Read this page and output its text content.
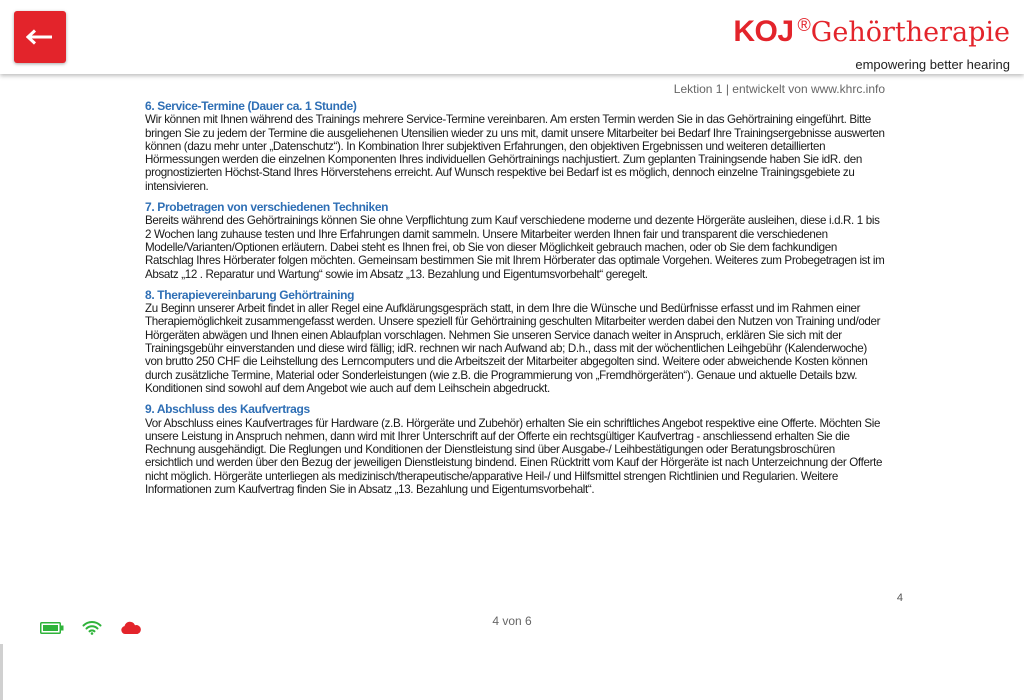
KOJ ®Gehörtherapie
empowering better hearing
Lektion 1 | entwickelt von www.khrc.info

6. Service-Termine (Dauer ca. 1 Stunde)

Wir können mit Ihnen während des Trainings mehrere Service-Termine vereinbaren. Am ersten Termin werden Sie in das Gehörtraining eingeführt. Bitte bringen Sie zu jedem der Termine die ausgeliehenen Utensilien wieder zu uns mit, damit unsere Mitarbeiter bei Bedarf Ihre Trainingsergebnisse auswerten können (dazu mehr unter „Datenschutz“). In Kombination Ihrer subjektiven Erfahrungen, den objektiven Ergebnissen und weiteren detaillierten Hörmessungen werden die einzelnen Komponenten Ihres individuellen Gehörtrainings nachjustiert. Zum geplanten Trainingsende haben Sie idR. den prognostizierten Höchst-Stand Ihres Hörverstehens erreicht. Auf Wunsch respektive bei Bedarf ist es möglich, dennoch einzelne Trainingsgebiete zu intensivieren.

7. Probetragen von verschiedenen Techniken

Bereits während des Gehörtrainings können Sie ohne Verpflichtung zum Kauf verschiedene moderne und dezente Hörgeräte ausleihen, diese i.d.R. 1 bis 2 Wochen lang zuhause testen und Ihre Erfahrungen damit sammeln. Unsere Mitarbeiter werden Ihnen fair und transparent die verschiedenen Modelle/Varianten/Optionen erläutern. Dabei steht es Ihnen frei, ob Sie von dieser Möglichkeit gebrauch machen, oder ob Sie dem fachkundigen Ratschlag Ihres Hörberater folgen möchten. Gemeinsam bestimmen Sie mit Ihrem Hörberater das optimale Vorgehen. Weiteres zum Probegetragen ist im Absatz „12 . Reparatur und Wartung“ sowie im Absatz „13. Bezahlung und Eigentumsvorbehalt“ geregelt.

8. Therapievereinbarung Gehörtraining

Zu Beginn unserer Arbeit findet in aller Regel eine Aufklärungsgespräch statt, in dem Ihre die Wünsche und Bedürfnisse erfasst und im Rahmen einer Therapiemöglichkeit zusammengefasst werden. Unsere speziell für Gehörtraining geschulten Mitarbeiter werden dabei den Nutzen von Training und/oder Hörgeräten abwägen und Ihnen einen Ablaufplan vorschlagen. Nehmen Sie unseren Service danach weiter in Anspruch, erklären Sie sich mit der Trainingsgebühr einverstanden und diese wird fällig; idR. rechnen wir nach Aufwand ab; D.h., dass mit der wöchentlichen Leihgebühr (Kalenderwoche) von brutto 250 CHF die Leihstellung des Lerncomputers und die Arbeitszeit der Mitarbeiter abgegolten sind. Weitere oder abweichende Kosten können durch zusätzliche Termine, Material oder Sonderleistungen (wie z.B. die Programmierung von „Fremdhörgeräten“). Genaue und aktuelle Details bzw. Konditionen sind sowohl auf dem Angebot wie auch auf dem Leihschein abgedruckt.

9. Abschluss des Kaufvertrags

Vor Abschluss eines Kaufvertrages für Hardware (z.B. Hörgeräte und Zubehör) erhalten Sie ein schriftliches Angebot respektive eine Offerte. Möchten Sie unsere Leistung in Anspruch nehmen, dann wird mit Ihrer Unterschrift auf der Offerte ein rechtsgültiger Kaufvertrag - anschliessend erhalten Sie die Rechnung ausgehändigt. Die Reglungen und Konditionen der Dienstleistung sind über Ausgabe-/ Leihbestätigungen oder Beratungsbroschüren ersichtlich und werden über den Bezug der jeweiligen Dienstleistung bindend. Einen Rücktritt vom Kauf der Hörgeräte ist nach Unterzeichnung der Offerte nicht möglich. Hörgeräte unterliegen als medizinisch/therapeutische/apparative Heil-/ und Hilfsmittel strengen Richtlinien und Regularien. Weitere Informationen zum Kaufvertrag finden Sie in Absatz „13. Bezahlung und Eigentumsvorbehalt“.

4
4 von 6
